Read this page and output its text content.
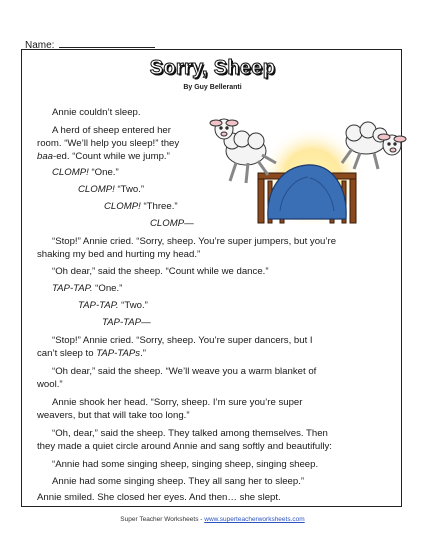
Name:
Sorry, Sheep
By Guy Belleranti
Annie couldn’t sleep.
A herd of sheep entered her
room. “We’ll help you sleep!” they
baa-ed. “Count while we jump.”
CLOMP! “One.”
CLOMP! “Two.”
CLOMP! “Three.”
CLOMP—
“Stop!” Annie cried. “Sorry, sheep. You’re super jumpers, but you’re
shaking my bed and hurting my head.”
“Oh dear,” said the sheep. “Count while we dance.”
TAP-TAP. “One.”
TAP-TAP. “Two.”
TAP-TAP—
“Stop!” Annie cried. “Sorry, sheep. You’re super dancers, but I
can’t sleep to TAP-TAPs.”
“Oh dear,” said the sheep. “We’ll weave you a warm blanket of
wool.”
Annie shook her head. “Sorry, sheep. I’m sure you’re super
weavers, but that will take too long.”
“Oh, dear,” said the sheep. They talked among themselves. Then
they made a quiet circle around Annie and sang softly and beautifully:
“Annie had some singing sheep, singing sheep, singing sheep.
Annie had some singing sheep. They all sang her to sleep.”
Annie smiled. She closed her eyes. And then… she slept.
Super Teacher Worksheets - www.superteacherworksheets.com
